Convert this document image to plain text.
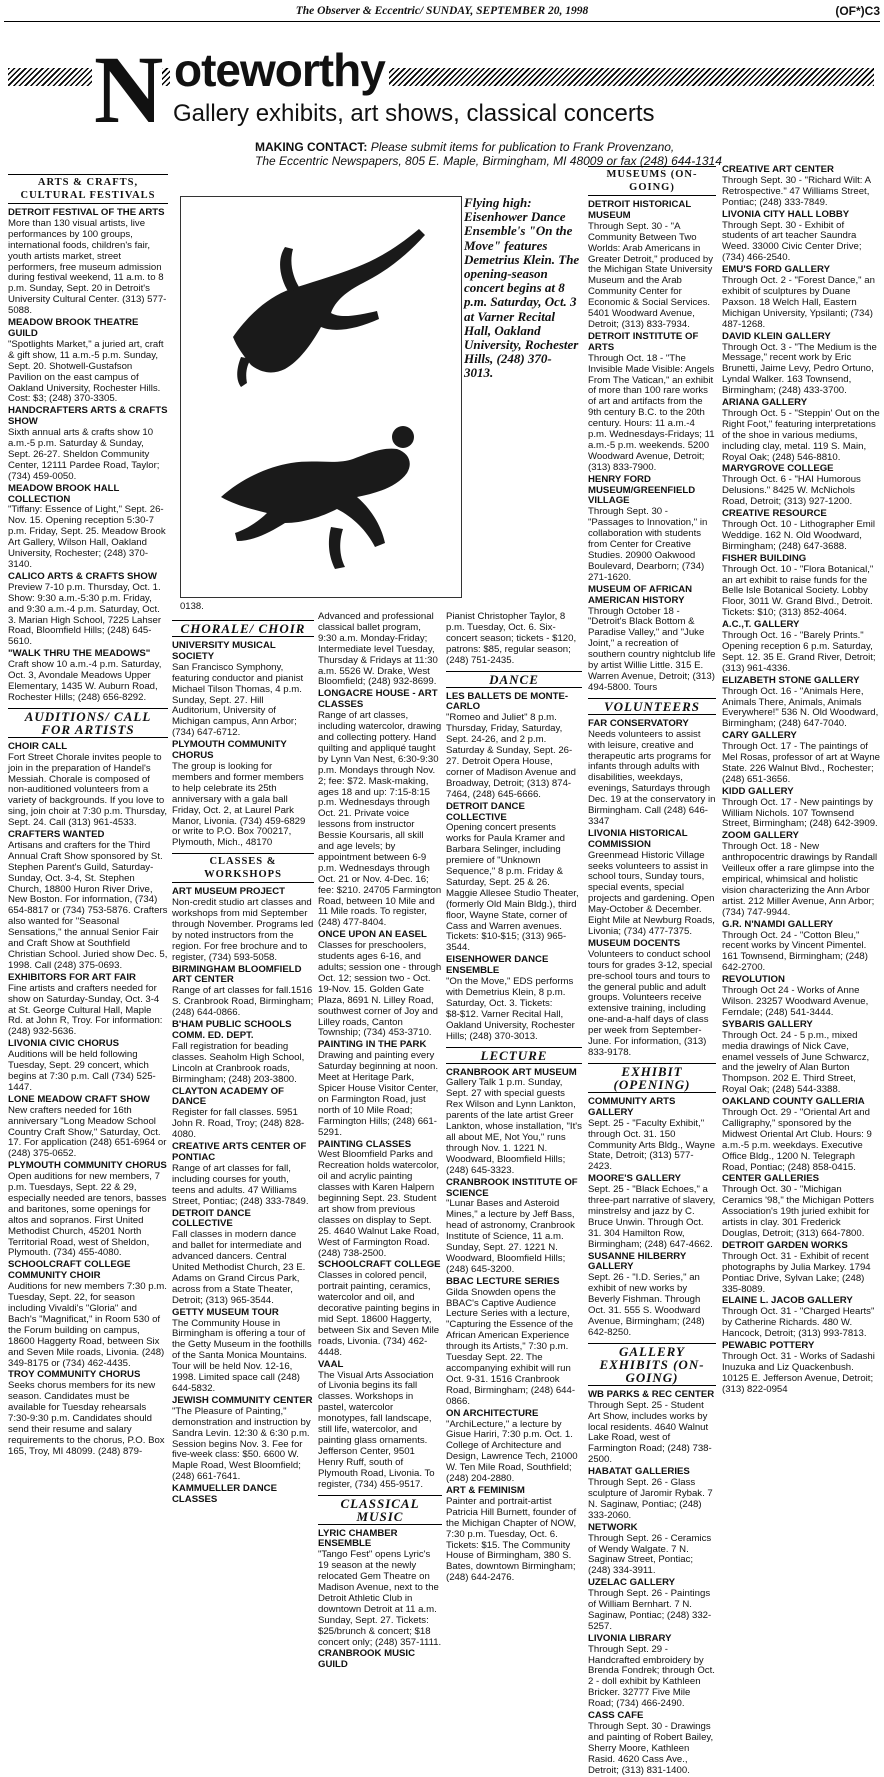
The Observer & Eccentric/ SUNDAY, SEPTEMBER 20, 1998	(OF*)C3
N oteworthy
Gallery exhibits, art shows, classical concerts
MAKING CONTACT: Please submit items for publication to Frank Provenzano,
The Eccentric Newspapers, 805 E. Maple, Birmingham, MI 48009 or fax (248) 644-1314
Flying high: Eisenhower Dance Ensemble's "On the Move" features Demetrius Klein. The opening-season concert begins at 8 p.m. Saturday, Oct. 3 at Varner Recital Hall, Oakland University, Rochester Hills, (248) 370-3013.
0138.
ARTS & CRAFTS, CULTURAL FESTIVALS

DETROIT FESTIVAL OF THE ARTS
More than 130 visual artists, live performances by 100 groups, international foods, children's fair, youth artists market, street performers, free museum admission during festival weekend, 11 a.m. to 8 p.m. Sunday, Sept. 20 in Detroit's University Cultural Center. (313) 577-5088.

MEADOW BROOK THEATRE GUILD
"Spotlights Market," a juried art, craft & gift show, 11 a.m.-5 p.m. Sunday, Sept. 20. Shotwell-Gustafson Pavilion on the east campus of Oakland University, Rochester Hills. Cost: $3; (248) 370-3305.

HANDCRAFTERS ARTS & CRAFTS SHOW
Sixth annual arts & crafts show 10 a.m.-5 p.m. Saturday & Sunday, Sept. 26-27. Sheldon Community Center, 12111 Pardee Road, Taylor; (734) 459-0050.

MEADOW BROOK HALL COLLECTION
"Tiffany: Essence of Light," Sept. 26-Nov. 15. Opening reception 5:30-7 p.m. Friday, Sept. 25. Meadow Brook Art Gallery, Wilson Hall, Oakland University, Rochester; (248) 370-3140.

CALICO ARTS & CRAFTS SHOW
Preview 7-10 p.m. Thursday, Oct. 1. Show: 9:30 a.m.-5:30 p.m. Friday, and 9:30 a.m.-4 p.m. Saturday, Oct. 3. Marian High School, 7225 Lahser Road, Bloomfield Hills; (248) 645-5610.

"WALK THRU THE MEADOWS"
Craft show 10 a.m.-4 p.m. Saturday, Oct. 3, Avondale Meadows Upper Elementary, 1435 W. Auburn Road, Rochester Hills; (248) 656-8292.

AUDITIONS/ CALL FOR ARTISTS

CHOIR CALL
Fort Street Chorale invites people to join in the preparation of Handel's Messiah. Chorale is composed of non-auditioned volunteers from a variety of backgrounds. If you love to sing, join choir at 7:30 p.m. Thursday, Sept. 24. Call (313) 961-4533.

CRAFTERS WANTED
Artisans and crafters for the Third Annual Craft Show sponsored by St. Stephen Parent's Guild, Saturday-Sunday, Oct. 3-4, St. Stephen Church, 18800 Huron River Drive, New Boston. For information, (734) 654-8817 or (734) 753-5876. Crafters also wanted for "Seasonal Sensations," the annual Senior Fair and Craft Show at Southfield Christian School. Juried show Dec. 5, 1998. Call (248) 375-0693.

EXHIBITORS FOR ART FAIR
Fine artists and crafters needed for show on Saturday-Sunday, Oct. 3-4 at St. George Cultural Hall, Maple Rd. at John R, Troy. For information: (248) 932-5636.

LIVONIA CIVIC CHORUS
Auditions will be held following Tuesday, Sept. 29 concert, which begins at 7:30 p.m. Call (734) 525-1447.

LONE MEADOW CRAFT SHOW
New crafters needed for 16th anniversary "Long Meadow School Country Craft Show," Saturday, Oct. 17. For application (248) 651-6964 or (248) 375-0652.

PLYMOUTH COMMUNITY CHORUS
Open auditions for new members, 7 p.m. Tuesdays, Sept. 22 & 29, especially needed are tenors, basses and baritones, some openings for altos and sopranos. First United Methodist Church, 45201 North Territorial Road, west of Sheldon, Plymouth. (734) 455-4080.

SCHOOLCRAFT COLLEGE COMMUNITY CHOIR
Auditions for new members 7:30 p.m. Tuesday, Sept. 22, for season including Vivaldi's "Gloria" and Bach's "Magnificat," in Room 530 of the Forum building on campus, 18600 Haggerty Road, between Six and Seven Mile roads, Livonia. (248) 349-8175 or (734) 462-4435.

TROY COMMUNITY CHORUS
Seeks chorus members for its new season. Candidates must be available for Tuesday rehearsals 7:30-9:30 p.m. Candidates should send their resume and salary requirements to the chorus, P.O. Box 165, Troy, MI 48099. (248) 879-

CHORALE/ CHOIR

UNIVERSITY MUSICAL SOCIETY
San Francisco Symphony, featuring conductor and pianist Michael Tilson Thomas, 4 p.m. Sunday, Sept. 27. Hill Auditorium, University of Michigan campus, Ann Arbor; (734) 647-6712.

PLYMOUTH COMMUNITY CHORUS
The group is looking for members and former members to help celebrate its 25th anniversary with a gala ball Friday, Oct. 2, at Laurel Park Manor, Livonia. (734) 459-6829 or write to P.O. Box 700217, Plymouth, Mich., 48170

CLASSES & WORKSHOPS

ART MUSEUM PROJECT
Non-credit studio art classes and workshops from mid September through November. Programs led by noted instructors from the region. For free brochure and to register, (734) 593-5058.

BIRMINGHAM BLOOMFIELD ART CENTER
Range of art classes for fall.1516 S. Cranbrook Road, Birmingham; (248) 644-0866.

B'HAM PUBLIC SCHOOLS COMM. ED. DEPT.
Fall registration for beading classes. Seaholm High School, Lincoln at Cranbrook roads, Birmingham; (248) 203-3800.

CLAYTON ACADEMY OF DANCE
Register for fall classes. 5951 John R. Road, Troy; (248) 828-4080.

CREATIVE ARTS CENTER OF PONTIAC
Range of art classes for fall, including courses for youth, teens and adults. 47 Williams Street, Pontiac; (248) 333-7849.

DETROIT DANCE COLLECTIVE
Fall classes in modern dance and ballet for intermediate and advanced dancers. Central United Methodist Church, 23 E. Adams on Grand Circus Park, across from a State Theater, Detroit; (313) 965-3544.

GETTY MUSEUM TOUR
The Community House in Birmingham is offering a tour of the Getty Museum in the foothills of the Santa Monica Mountains. Tour will be held Nov. 12-16, 1998. Limited space call (248) 644-5832.

JEWISH COMMUNITY CENTER
"The Pleasure of Painting," demonstration and instruction by Sandra Levin. 12:30 & 6:30 p.m. Session begins Nov. 3. Fee for five-week class: $50. 6600 W. Maple Road, West Bloomfield; (248) 661-7641.

KAMMUELLER DANCE CLASSES

Advanced and professional classical ballet program, 9:30 a.m. Monday-Friday; Intermediate level Tuesday, Thursday & Fridays at 11:30 a.m. 5526 W. Drake, West Bloomfield; (248) 932-8699.

LONGACRE HOUSE - ART CLASSES
Range of art classes, including watercolor, drawing and collecting pottery. Hand quilting and appliqué taught by Lynn Van Nest, 6:30-9:30 p.m. Mondays through Nov. 2; fee: $72. Mask-making, ages 18 and up: 7:15-8:15 p.m. Wednesdays through Oct. 21. Private voice lessons from instructor Bessie Koursaris, all skill and age levels; by appointment between 6-9 p.m. Wednesdays through Oct. 21 or Nov. 4-Dec. 16; fee: $210. 24705 Farmington Road, between 10 Mile and 11 Mile roads. To register, (248) 477-8404.

ONCE UPON AN EASEL
Classes for preschoolers, students ages 6-16, and adults; session one - through Oct. 12; session two - Oct. 19-Nov. 15. Golden Gate Plaza, 8691 N. Lilley Road, southwest corner of Joy and Lilley roads, Canton Township; (734) 453-3710.

PAINTING IN THE PARK
Drawing and painting every Saturday beginning at noon. Meet at Heritage Park, Spicer House Visitor Center, on Farmington Road, just north of 10 Mile Road; Farmington Hills; (248) 661-5291.

PAINTING CLASSES
West Bloomfield Parks and Recreation holds watercolor, oil and acrylic painting classes with Karen Halpern beginning Sept. 23. Student art show from previous classes on display to Sept. 25. 4640 Walnut Lake Road, West of Farmington Road. (248) 738-2500.

SCHOOLCRAFT COLLEGE
Classes in colored pencil, portrait painting, ceramics, watercolor and oil, and decorative painting begins in mid Sept. 18600 Haggerty, between Six and Seven Mile roads, Livonia. (734) 462-4448.

VAAL
The Visual Arts Association of Livonia begins its fall classes. Workshops in pastel, watercolor monotypes, fall landscape, still life, watercolor, and painting glass ornaments. Jefferson Center, 9501 Henry Ruff, south of Plymouth Road, Livonia. To register, (734) 455-9517.

CLASSICAL MUSIC

LYRIC CHAMBER ENSEMBLE
"Tango Fest" opens Lyric's 19 season at the newly relocated Gem Theatre on Madison Avenue, next to the Detroit Athletic Club in downtown Detroit at 11 a.m. Sunday, Sept. 27. Tickets: $25/brunch & concert; $18 concert only; (248) 357-1111.

CRANBROOK MUSIC GUILD

Pianist Christopher Taylor, 8 p.m. Tuesday, Oct. 6. Six-concert season; tickets - $120, patrons: $85, regular season; (248) 751-2435.

DANCE

LES BALLETS DE MONTE-CARLO
"Romeo and Juliet" 8 p.m. Thursday, Friday, Saturday, Sept. 24-26, and 2 p.m. Saturday & Sunday, Sept. 26-27. Detroit Opera House, corner of Madison Avenue and Broadway, Detroit; (313) 874-7464, (248) 645-6666.

DETROIT DANCE COLLECTIVE
Opening concert presents works for Paula Kramer and Barbara Selinger, including premiere of "Unknown Sequence," 8 p.m. Friday & Saturday, Sept. 25 & 26. Maggie Allesee Studio Theater, (formerly Old Main Bldg.), third floor, Wayne State, corner of Cass and Warren avenues. Tickets: $10-$15; (313) 965-3544.

EISENHOWER DANCE ENSEMBLE
"On the Move," EDS performs with Demetrius Klein, 8 p.m. Saturday, Oct. 3. Tickets: $8-$12. Varner Recital Hall, Oakland University, Rochester Hills; (248) 370-3013.

LECTURE

CRANBROOK ART MUSEUM
Gallery Talk 1 p.m. Sunday, Sept. 27 with special guests Rex Wilson and Lynn Lankton, parents of the late artist Greer Lankton, whose installation, "It's all about ME, Not You," runs through Nov. 1. 1221 N. Woodward, Bloomfield Hills; (248) 645-3323.

CRANBROOK INSTITUTE OF SCIENCE
"Lunar Bases and Asteroid Mines," a lecture by Jeff Bass, head of astronomy, Cranbrook Institute of Science, 11 a.m. Sunday, Sept. 27. 1221 N. Woodward, Bloomfield Hills; (248) 645-3200.

BBAC LECTURE SERIES
Gilda Snowden opens the BBAC's Captive Audience Lecture Series with a lecture, "Capturing the Essence of the African American Experience through its Artists," 7:30 p.m. Tuesday Sept. 22. The accompanying exhibit will run Oct. 9-31. 1516 Cranbrook Road, Birmingham; (248) 644-0866.

ON ARCHITECTURE
"ArchiLecture," a lecture by Gisue Hariri, 7:30 p.m. Oct. 1. College of Architecture and Design, Lawrence Tech, 21000 W. Ten Mile Road, Southfield; (248) 204-2880.

ART & FEMINISM
Painter and portrait-artist Patricia Hill Burnett, founder of the Michigan Chapter of NOW, 7:30 p.m. Tuesday, Oct. 6. Tickets: $15. The Community House of Birmingham, 380 S. Bates, downtown Birmingham; (248) 644-2476.

MUSEUMS (ON-GOING)

DETROIT HISTORICAL MUSEUM
Through Sept. 30 - "A Community Between Two Worlds: Arab Americans in Greater Detroit," produced by the Michigan State University Museum and the Arab Community Center for Economic & Social Services. 5401 Woodward Avenue, Detroit; (313) 833-7934.

DETROIT INSTITUTE OF ARTS
Through Oct. 18 - "The Invisible Made Visible: Angels From The Vatican," an exhibit of more than 100 rare works of art and artifacts from the 9th century B.C. to the 20th century. Hours: 11 a.m.-4 p.m. Wednesdays-Fridays; 11 a.m.-5 p.m. weekends. 5200 Woodward Avenue, Detroit; (313) 833-7900.

HENRY FORD MUSEUM/GREENFIELD VILLAGE
Through Sept. 30 - "Passages to Innovation," in collaboration with students from Center for Creative Studies. 20900 Oakwood Boulevard, Dearborn; (734) 271-1620.

MUSEUM OF AFRICAN AMERICAN HISTORY
Through October 18 - "Detroit's Black Bottom & Paradise Valley," and "Juke Joint," a recreation of southern country nightclub life by artist Willie Little. 315 E. Warren Avenue, Detroit; (313) 494-5800. Tours

VOLUNTEERS

FAR CONSERVATORY
Needs volunteers to assist with leisure, creative and therapeutic arts programs for infants through adults with disabilities, weekdays, evenings, Saturdays through Dec. 19 at the conservatory in Birmingham. Call (248) 646-3347

LIVONIA HISTORICAL COMMISSION
Greenmead Historic Village seeks volunteers to assist in school tours, Sunday tours, special events, special projects and gardening. Open May-October & December. Eight Mile at Newburg Roads, Livonia; (734) 477-7375.

MUSEUM DOCENTS
Volunteers to conduct school tours for grades 3-12, special pre-school tours and tours to the general public and adult groups. Volunteers receive extensive training, including one-and-a-half days of class per week from September-June. For information, (313) 833-9178.

EXHIBIT (OPENING)

COMMUNITY ARTS GALLERY
Sept. 25 - "Faculty Exhibit," through Oct. 31. 150 Community Arts Bldg., Wayne State, Detroit; (313) 577-2423.

MOORE'S GALLERY
Sept. 25 - "Black Echoes," a three-part narrative of slavery, minstrelsy and jazz by C. Bruce Unwin. Through Oct. 31. 304 Hamilton Row, Birmingham; (248) 647-4662.

SUSANNE HILBERRY GALLERY
Sept. 26 - "I.D. Series," an exhibit of new works by Beverly Fishman. Through Oct. 31. 555 S. Woodward Avenue, Birmingham; (248) 642-8250.

GALLERY EXHIBITS (ON-GOING)

WB PARKS & REC CENTER
Through Sept. 25 - Student Art Show, includes works by local residents. 4640 Walnut Lake Road, west of Farmington Road; (248) 738-2500.

HABATAT GALLERIES
Through Sept. 26 - Glass sculpture of Jaromir Rybak. 7 N. Saginaw, Pontiac; (248) 333-2060.

NETWORK
Through Sept. 26 - Ceramics of Wendy Walgate. 7 N. Saginaw Street, Pontiac; (248) 334-3911.

UZELAC GALLERY
Through Sept. 26 - Paintings of William Bernhart. 7 N. Saginaw, Pontiac; (248) 332-5257.

LIVONIA LIBRARY
Through Sept. 29 - Handcrafted embroidery by Brenda Fondrek; through Oct. 2 - doll exhibit by Kathleen Bricker. 32777 Five Mile Road; (734) 466-2490.

CASS CAFE
Through Sept. 30 - Drawings and painting of Robert Bailey, Sherry Moore, Kathleen Rasid. 4620 Cass Ave., Detroit; (313) 831-1400.

CREATIVE ART CENTER
Through Sept. 30 - "Richard Wilt: A Retrospective." 47 Williams Street, Pontiac; (248) 333-7849.

LIVONIA CITY HALL LOBBY
Through Sept. 30 - Exhibit of students of art teacher Saundra Weed. 33000 Civic Center Drive; (734) 466-2540.

EMU'S FORD GALLERY
Through Oct. 2 - "Forest Dance," an exhibit of sculptures by Duane Paxson. 18 Welch Hall, Eastern Michigan University, Ypsilanti; (734) 487-1268.

DAVID KLEIN GALLERY
Through Oct. 3 - "The Medium is the Message," recent work by Eric Brunetti, Jaime Levy, Pedro Ortuno, Lyndal Walker. 163 Townsend, Birmingham; (248) 433-3700.

ARIANA GALLERY
Through Oct. 5 - "Steppin' Out on the Right Foot," featuring interpretations of the shoe in various mediums, including clay, metal. 119 S. Main, Royal Oak; (248) 546-8810.

MARYGROVE COLLEGE
Through Oct. 6 - "HAI Humorous Delusions." 8425 W. McNichols Road, Detroit; (313) 927-1200.

CREATIVE RESOURCE
Through Oct. 10 - Lithographer Emil Weddige. 162 N. Old Woodward, Birmingham; (248) 647-3688.

FISHER BUILDING
Through Oct. 10 - "Flora Botanical," an art exhibit to raise funds for the Belle Isle Botanical Society. Lobby Floor, 3011 W. Grand Blvd., Detroit. Tickets: $10; (313) 852-4064.

A.C.,T. GALLERY
Through Oct. 16 - "Barely Prints." Opening reception 6 p.m. Saturday, Sept. 12. 35 E. Grand River, Detroit; (313) 961-4336.

ELIZABETH STONE GALLERY
Through Oct. 16 - "Animals Here, Animals There, Animals, Animals Everywhere!" 536 N. Old Woodward, Birmingham; (248) 647-7040.

CARY GALLERY
Through Oct. 17 - The paintings of Mel Rosas, professor of art at Wayne State. 226 Walnut Blvd., Rochester; (248) 651-3656.

KIDD GALLERY
Through Oct. 17 - New paintings by William Nichols. 107 Townsend Street, Birmingham; (248) 642-3909.

ZOOM GALLERY
Through Oct. 18 - New anthropocentric drawings by Randall Veilleux offer a rare glimpse into the empirical, whimsical and holistic vision characterizing the Ann Arbor artist. 212 Miller Avenue, Ann Arbor; (734) 747-9944.

G.R. N'NAMDI GALLERY
Through Oct. 24 - "Cotton Bleu," recent works by Vincent Pimentel. 161 Townsend, Birmingham; (248) 642-2700.

REVOLUTION
Through Oct 24 - Works of Anne Wilson. 23257 Woodward Avenue, Ferndale; (248) 541-3444.

SYBARIS GALLERY
Through Oct. 24 - 5 p.m., mixed media drawings of Nick Cave, enamel vessels of June Schwarcz, and the jewelry of Alan Burton Thompson. 202 E. Third Street, Royal Oak; (248) 544-3388.

OAKLAND COUNTY GALLERIA
Through Oct. 29 - "Oriental Art and Calligraphy," sponsored by the Midwest Oriental Art Club. Hours: 9 a.m.-5 p.m. weekdays. Executive Office Bldg., 1200 N. Telegraph Road, Pontiac; (248) 858-0415.

CENTER GALLERIES
Through Oct. 30 - "Michigan Ceramics '98," the Michigan Potters Association's 19th juried exhibit for artists in clay. 301 Frederick Douglas, Detroit; (313) 664-7800.

DETROIT GARDEN WORKS
Through Oct. 31 - Exhibit of recent photographs by Julia Markey. 1794 Pontiac Drive, Sylvan Lake; (248) 335-8089.

ELAINE L. JACOB GALLERY
Through Oct. 31 - "Charged Hearts" by Catherine Richards. 480 W. Hancock, Detroit; (313) 993-7813.

PEWABIC POTTERY
Through Oct. 31 - Works of Sadashi Inuzuka and Liz Quackenbush. 10125 E. Jefferson Avenue, Detroit; (313) 822-0954
